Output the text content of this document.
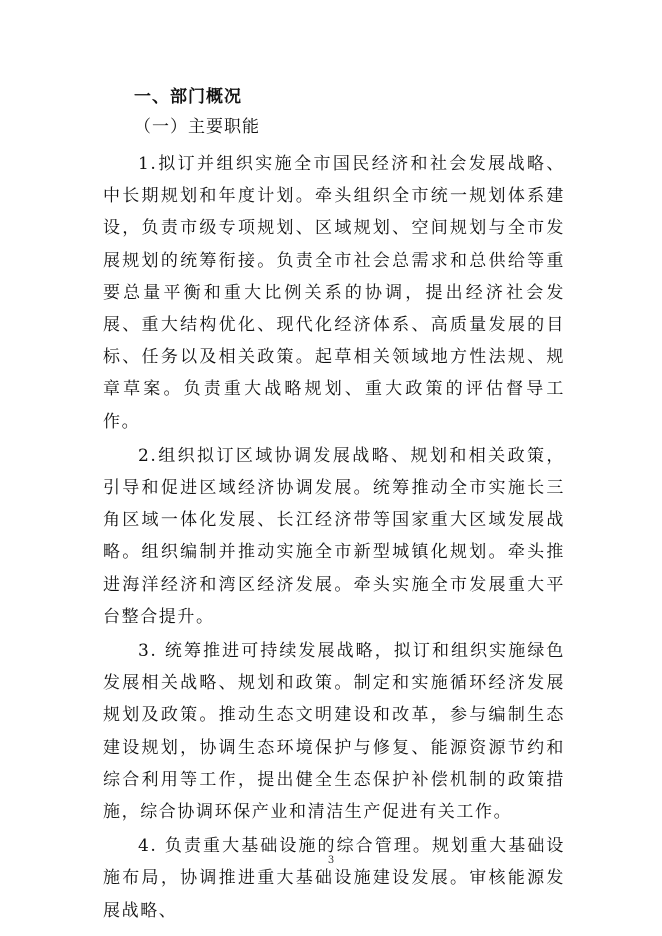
一、部门概况
（一）主要职能

1.拟订并组织实施全市国民经济和社会发展战略、中长期规划和年度计划。牵头组织全市统一规划体系建设，负责市级专项规划、区域规划、空间规划与全市发展规划的统筹衔接。负责全市社会总需求和总供给等重要总量平衡和重大比例关系的协调，提出经济社会发展、重大结构优化、现代化经济体系、高质量发展的目标、任务以及相关政策。起草相关领域地方性法规、规章草案。负责重大战略规划、重大政策的评估督导工作。

2.组织拟订区域协调发展战略、规划和相关政策，引导和促进区域经济协调发展。统筹推动全市实施长三角区域一体化发展、长江经济带等国家重大区域发展战略。组织编制并推动实施全市新型城镇化规划。牵头推进海洋经济和湾区经济发展。牵头实施全市发展重大平台整合提升。

3. 统筹推进可持续发展战略，拟订和组织实施绿色发展相关战略、规划和政策。制定和实施循环经济发展规划及政策。推动生态文明建设和改革，参与编制生态建设规划，协调生态环境保护与修复、能源资源节约和综合利用等工作，提出健全生态保护补偿机制的政策措施，综合协调环保产业和清洁生产促进有关工作。

4. 负责重大基础设施的综合管理。规划重大基础设施布局，协调推进重大基础设施建设发展。审核能源发展战略、

3
